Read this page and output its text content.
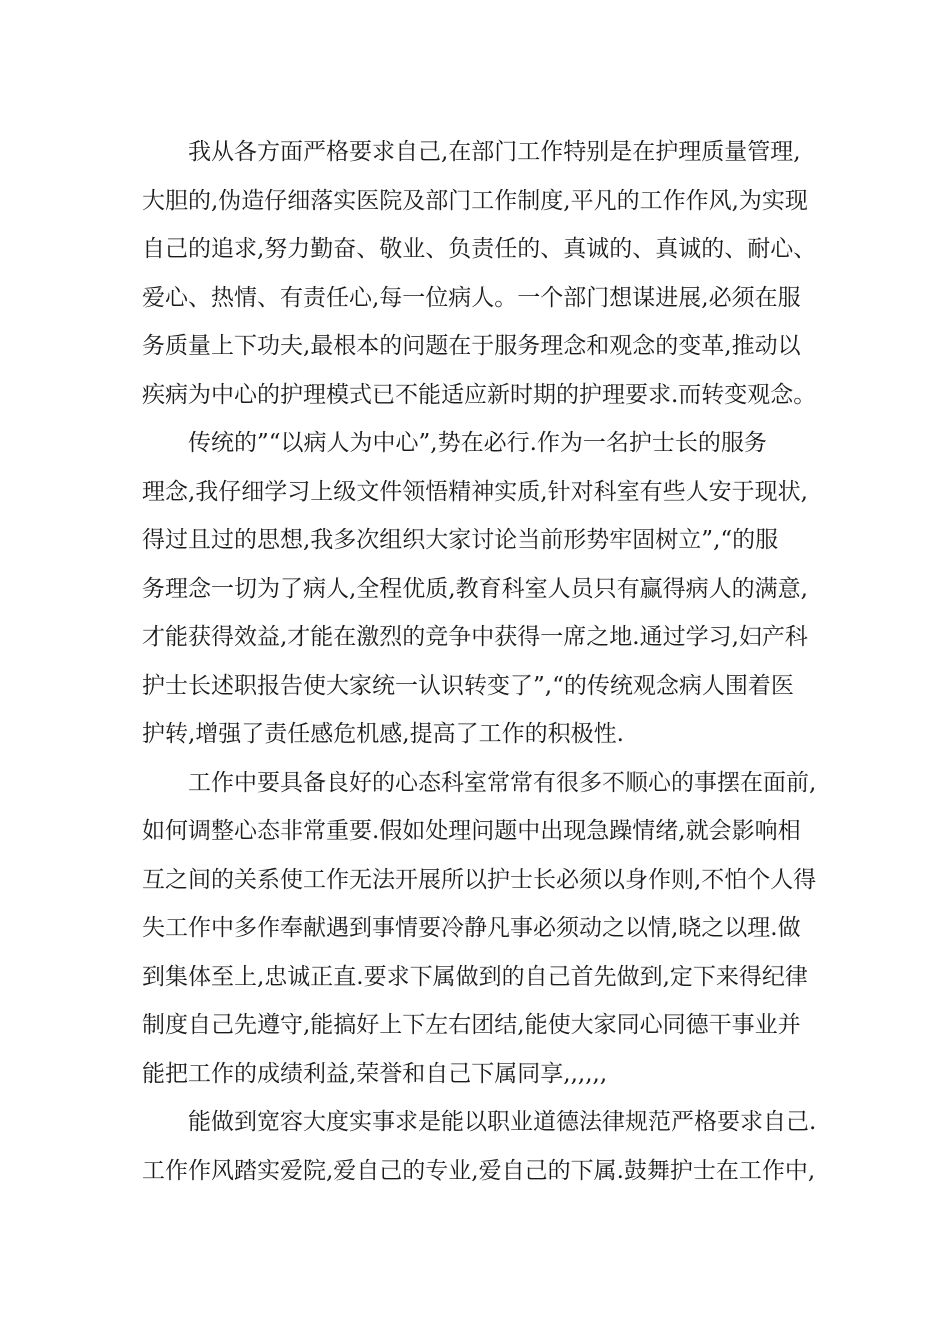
我从各方面严格要求自己,在部门工作特别是在护理质量管理,
大胆的,伪造仔细落实医院及部门工作制度,平凡的工作作风,为实现
自己的追求,努力勤奋、敬业、负责任的、真诚的、真诚的、耐心、
爱心、热情、有责任心,每一位病人。一个部门想谋进展,必须在服
务质量上下功夫,最根本的问题在于服务理念和观念的变革,推动以
疾病为中心的护理模式已不能适应新时期的护理要求.而转变观念。
传统的”“以病人为中心”,势在必行.作为一名护士长的服务
理念,我仔细学习上级文件领悟精神实质,针对科室有些人安于现状,
得过且过的思想,我多次组织大家讨论当前形势牢固树立”,“的服
务理念一切为了病人,全程优质,教育科室人员只有赢得病人的满意,
才能获得效益,才能在激烈的竞争中获得一席之地.通过学习,妇产科
护士长述职报告使大家统一认识转变了”,“的传统观念病人围着医
护转,增强了责任感危机感,提高了工作的积极性.
工作中要具备良好的心态科室常常有很多不顺心的事摆在面前,
如何调整心态非常重要.假如处理问题中出现急躁情绪,就会影响相
互之间的关系使工作无法开展所以护士长必须以身作则,不怕个人得
失工作中多作奉献遇到事情要冷静凡事必须动之以情,晓之以理.做
到集体至上,忠诚正直.要求下属做到的自己首先做到,定下来得纪律
制度自己先遵守,能搞好上下左右团结,能使大家同心同德干事业并
能把工作的成绩利益,荣誉和自己下属同享,,,,,,
能做到宽容大度实事求是能以职业道德法律规范严格要求自己.
工作作风踏实爱院,爱自己的专业,爱自己的下属.鼓舞护士在工作中,
